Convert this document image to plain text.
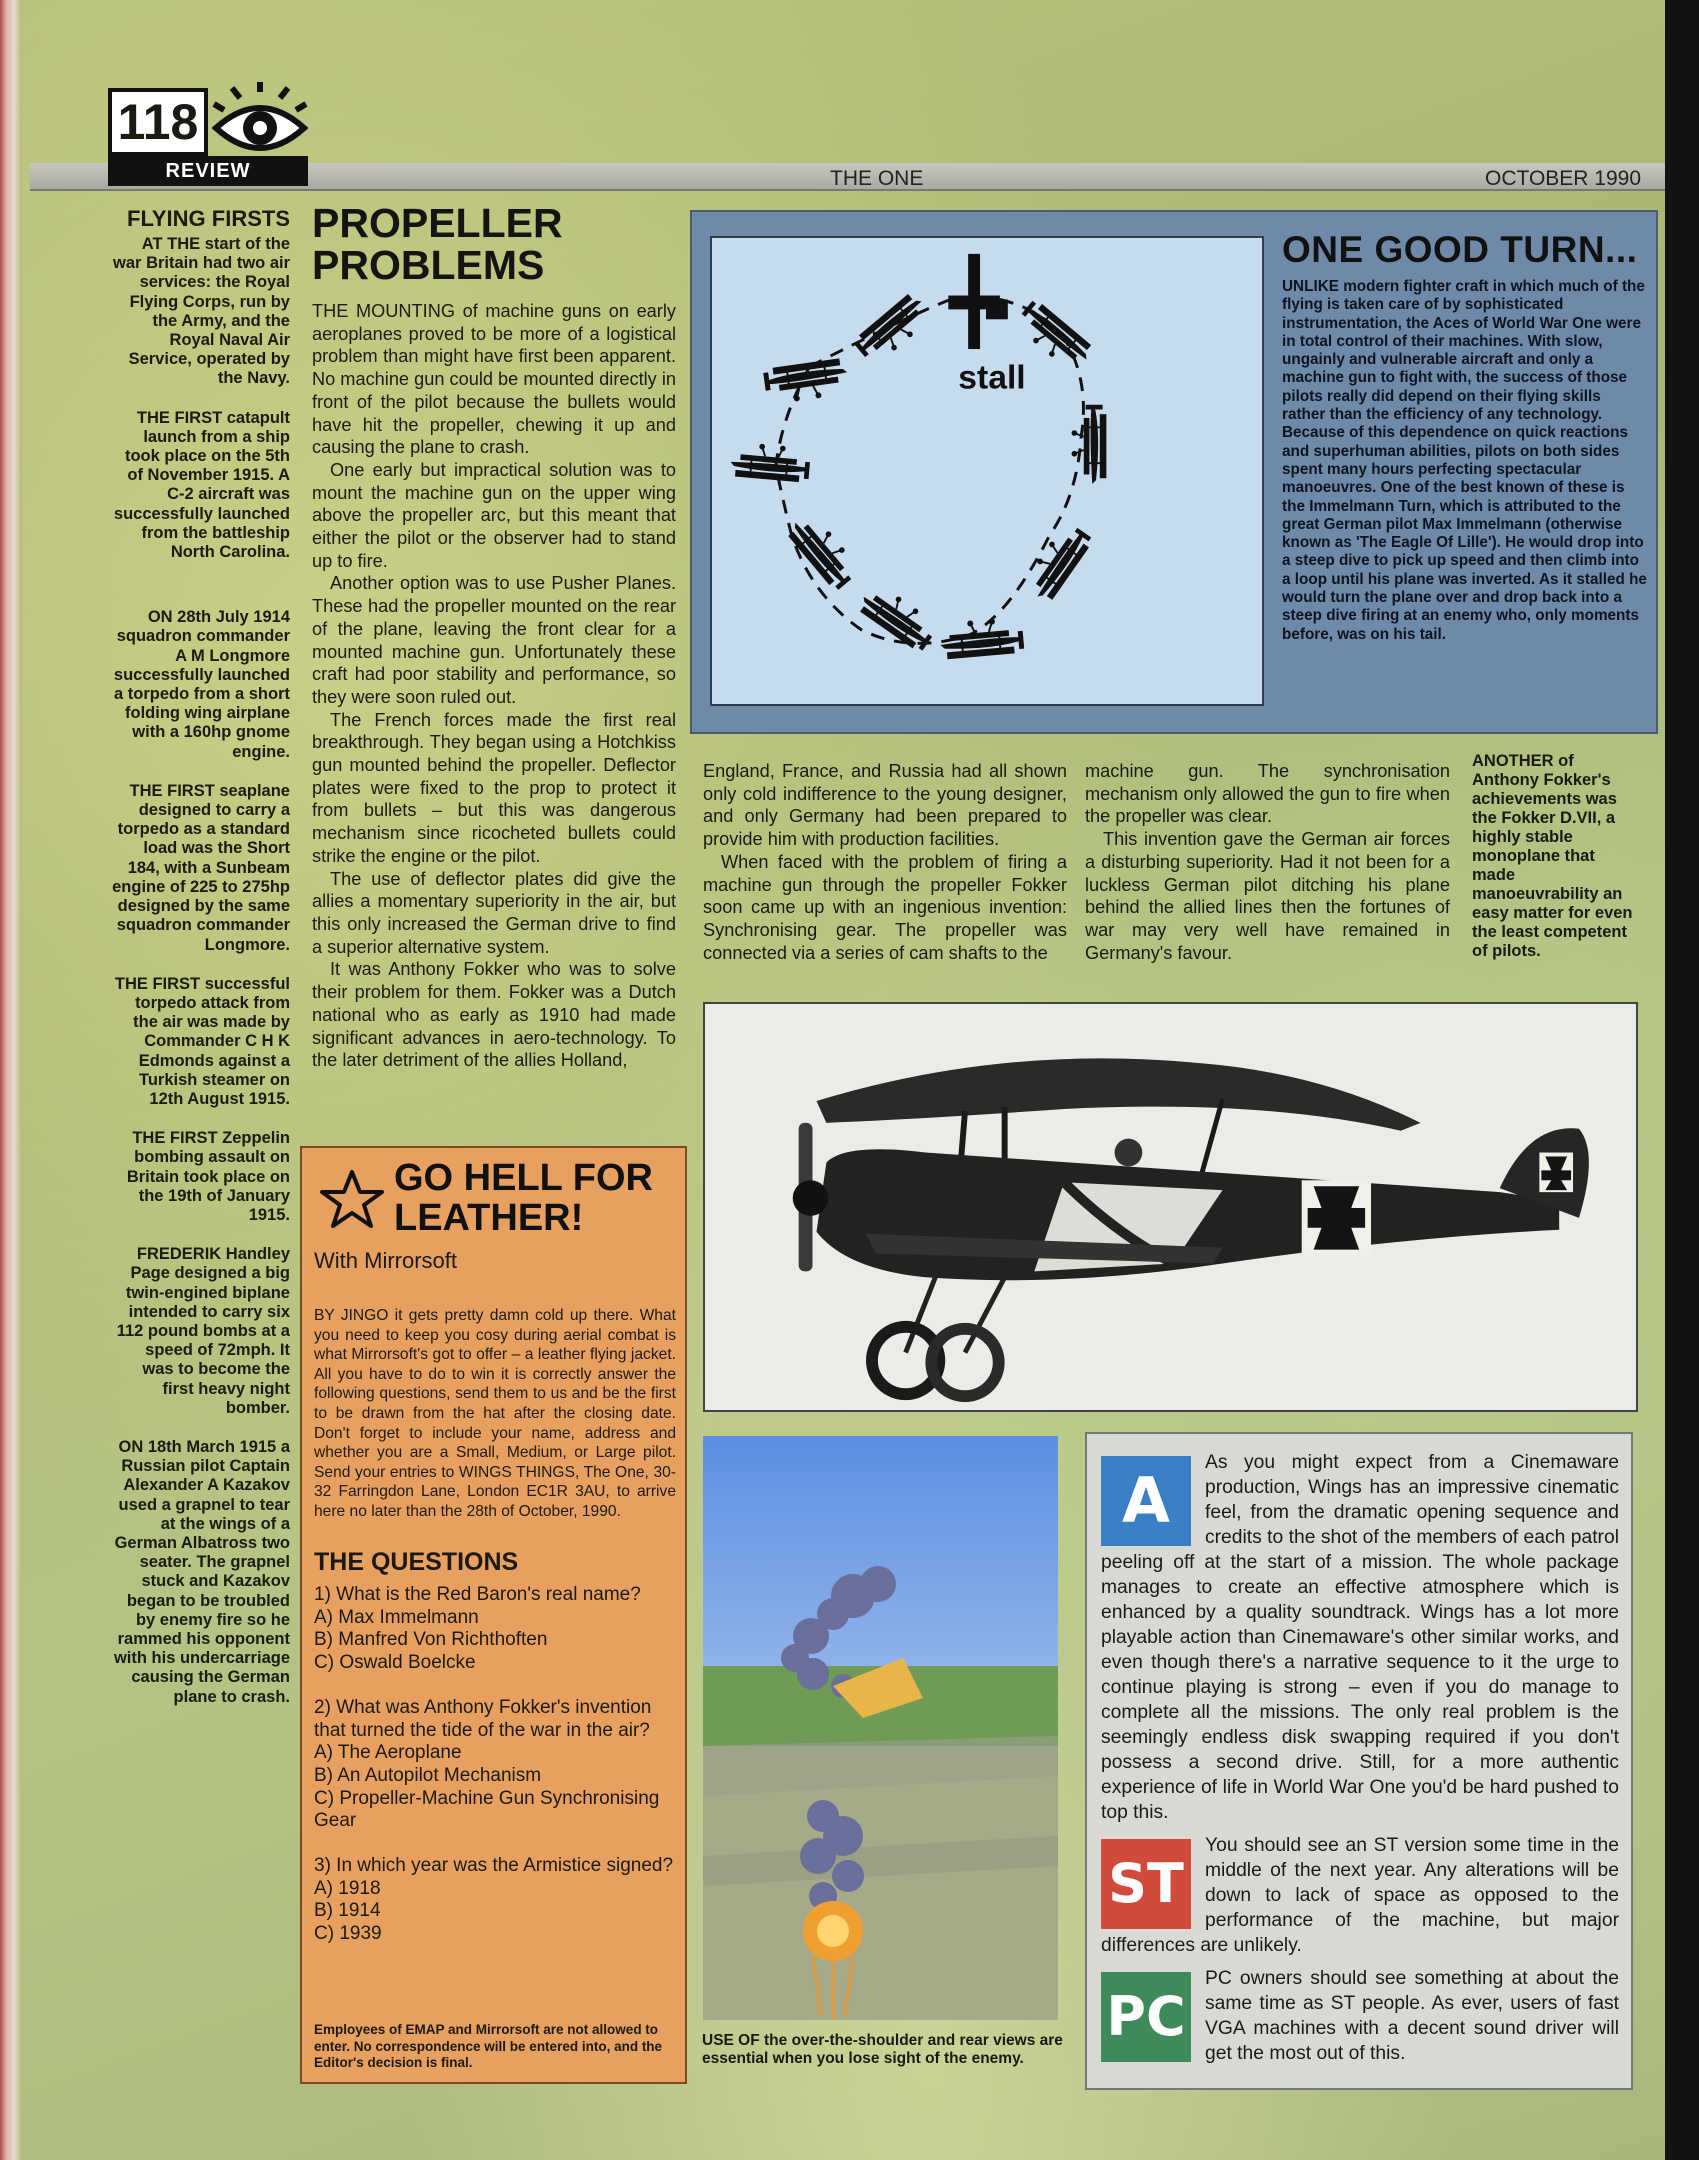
118
REVIEW	THE ONE	OCTOBER 1990
FLYING FIRSTS

AT THE start of the war Britain had two air services: the Royal Flying Corps, run by the Army, and the Royal Naval Air Service, operated by the Navy.

THE FIRST catapult launch from a ship took place on the 5th of November 1915. A C-2 aircraft was successfully launched from the battleship North Carolina.

ON 28th July 1914 squadron commander A M Longmore successfully launched a torpedo from a short folding wing airplane with a 160hp gnome engine.

THE FIRST seaplane designed to carry a torpedo as a standard load was the Short 184, with a Sunbeam engine of 225 to 275hp designed by the same squadron commander Longmore.

THE FIRST successful torpedo attack from the air was made by Commander C H K Edmonds against a Turkish steamer on 12th August 1915.

THE FIRST Zeppelin bombing assault on Britain took place on the 19th of January 1915.

FREDERIK Handley Page designed a big twin-engined biplane intended to carry six 112 pound bombs at a speed of 72mph. It was to become the first heavy night bomber.

ON 18th March 1915 a Russian pilot Captain Alexander A Kazakov used a grapnel to tear at the wings of a German Albatross two seater. The grapnel stuck and Kazakov began to be troubled by enemy fire so he rammed his opponent with his undercarriage causing the German plane to crash.

PROPELLER
PROBLEMS

THE MOUNTING of machine guns on early aeroplanes proved to be more of a logistical problem than might have first been apparent. No machine gun could be mounted directly in front of the pilot because the bullets would have hit the propeller, chewing it up and causing the plane to crash.

One early but impractical solution was to mount the machine gun on the upper wing above the propeller arc, but this meant that either the pilot or the observer had to stand up to fire.

Another option was to use Pusher Planes. These had the propeller mounted on the rear of the plane, leaving the front clear for a mounted machine gun. Unfortunately these craft had poor stability and performance, so they were soon ruled out.

The French forces made the first real breakthrough. They began using a Hotchkiss gun mounted behind the propeller. Deflector plates were fixed to the prop to protect it from bullets – but this was dangerous mechanism since ricocheted bullets could strike the engine or the pilot.

The use of deflector plates did give the allies a momentary superiority in the air, but this only increased the German drive to find a superior alternative system.

It was Anthony Fokker who was to solve their problem for them. Fokker was a Dutch national who as early as 1910 had made significant advances in aero-technology. To the later detriment of the allies Holland,

stall
ONE GOOD TURN...
UNLIKE modern fighter craft in which much of the flying is taken care of by sophisticated instrumentation, the Aces of World War One were in total control of their machines. With slow, ungainly and vulnerable aircraft and only a machine gun to fight with, the success of those pilots really did depend on their flying skills rather than the efficiency of any technology. Because of this dependence on quick reactions and superhuman abilities, pilots on both sides spent many hours perfecting spectacular manoeuvres. One of the best known of these is the Immelmann Turn, which is attributed to the great German pilot Max Immelmann (otherwise known as 'The Eagle Of Lille'). He would drop into a steep dive to pick up speed and then climb into a loop until his plane was inverted. As it stalled he would turn the plane over and drop back into a steep dive firing at an enemy who, only moments before, was on his tail.

England, France, and Russia had all shown only cold indifference to the young designer, and only Germany had been prepared to provide him with production facilities.

When faced with the problem of firing a machine gun through the propeller Fokker soon came up with an ingenious invention: Synchronising gear. The propeller was connected via a series of cam shafts to the

machine gun. The synchronisation mechanism only allowed the gun to fire when the propeller was clear.

This invention gave the German air forces a disturbing superiority. Had it not been for a luckless German pilot ditching his plane behind the allied lines then the fortunes of war may very well have remained in Germany's favour.

ANOTHER of Anthony Fokker's achievements was the Fokker D.VII, a highly stable monoplane that made manoeuvrability an easy matter for even the least competent of pilots.
GO HELL FOR
LEATHER!
With Mirrorsoft
BY JINGO it gets pretty damn cold up there. What you need to keep you cosy during aerial combat is what Mirrorsoft's got to offer – a leather flying jacket. All you have to do to win it is correctly answer the following questions, send them to us and be the first to be drawn from the hat after the closing date. Don't forget to include your name, address and whether you are a Small, Medium, or Large pilot. Send your entries to WINGS THINGS, The One, 30-32 Farringdon Lane, London EC1R 3AU, to arrive here no later than the 28th of October, 1990.
THE QUESTIONS
1) What is the Red Baron's real name?
A) Max Immelmann
B) Manfred Von Richthoften
C) Oswald Boelcke
2) What was Anthony Fokker's invention that turned the tide of the war in the air?
A) The Aeroplane
B) An Autopilot Mechanism
C) Propeller-Machine Gun Synchronising Gear
3) In which year was the Armistice signed?
A) 1918
B) 1914
C) 1939
Employees of EMAP and Mirrorsoft are not allowed to enter. No correspondence will be entered into, and the Editor's decision is final.
USE OF the over-the-shoulder and rear views are essential when you lose sight of the enemy.

A
As you might expect from a Cinemaware production, Wings has an impressive cinematic feel, from the dramatic opening sequence and credits to the shot of the members of each patrol peeling off at the start of a mission. The whole package manages to create an effective atmosphere which is enhanced by a quality soundtrack. Wings has a lot more playable action than Cinemaware's other similar works, and even though there's a narrative sequence to it the urge to continue playing is strong – even if you do manage to complete all the missions. The only real problem is the seemingly endless disk swapping required if you don't possess a second drive. Still, for a more authentic experience of life in World War One you'd be hard pushed to top this.

ST
You should see an ST version some time in the middle of the next year. Any alterations will be down to lack of space as opposed to the performance of the machine, but major differences are unlikely.

PC
PC owners should see something at about the same time as ST people. As ever, users of fast VGA machines with a decent sound driver will get the most out of this.
